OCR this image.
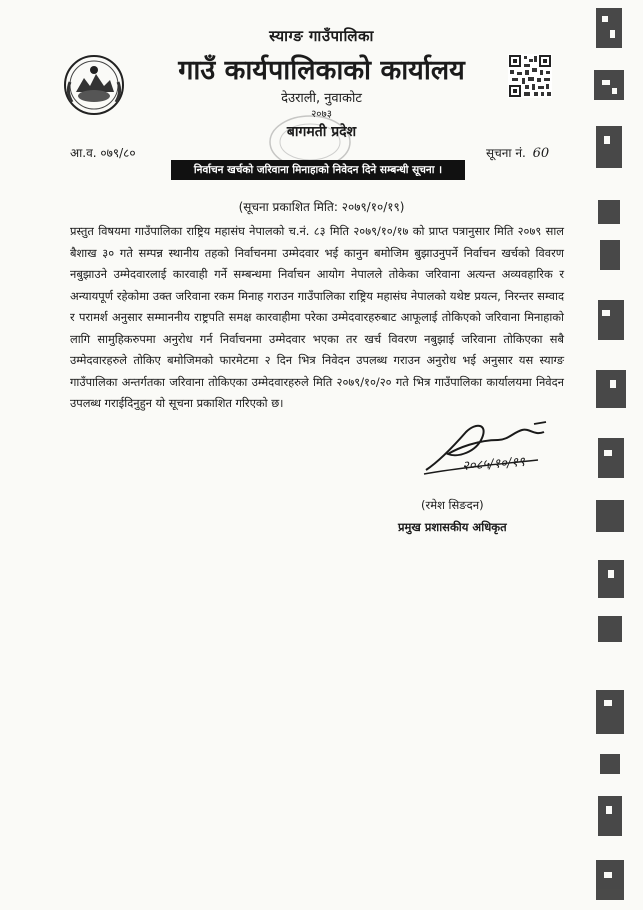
स्याग्ङ गाउँपालिका
गाउँ कार्यपालिकाको कार्यालय
देउराली, नुवाकोट
२०७३
बागमती प्रदेश
आ.व. ०७९/८०	सूचना नं. 60
निर्वाचन खर्चको जरिवाना मिनाहाको निवेदन दिने सम्बन्धी सूचना ।
(सूचना प्रकाशित मिति: २०७९/१०/१९)
प्रस्तुत विषयमा गाउँपालिका राष्ट्रिय महासंघ नेपालको च.नं. ८३ मिति २०७९/१०/१७ को प्राप्त पत्रानुसार मिति २०७९ साल बैशाख ३० गते सम्पन्न स्थानीय तहको निर्वाचनमा उम्मेदवार भई कानुन बमोजिम बुझाउनुपर्ने निर्वाचन खर्चको विवरण नबुझाउने उम्मेदवारलाई कारवाही गर्ने सम्बन्धमा निर्वाचन आयोग नेपालले तोकेका जरिवाना अत्यन्त अव्यवहारिक र अन्यायपूर्ण रहेकोमा उक्त जरिवाना रकम मिनाह गराउन गाउँपालिका राष्ट्रिय महासंघ नेपालको यथेष्ट प्रयत्न, निरन्तर सम्वाद र परामर्श अनुसार सम्माननीय राष्ट्रपति समक्ष कारवाहीमा परेका उम्मेदवारहरुबाट आफूलाई तोकिएको जरिवाना मिनाहाको लागि सामुहिकरुपमा अनुरोध गर्न निर्वाचनमा उम्मेदवार भएका तर खर्च विवरण नबुझाई जरिवाना तोकिएका सबै उम्मेदवारहरुले तोकिए बमोजिमको फारमेटमा २ दिन भित्र निवेदन उपलब्ध गराउन अनुरोध भई अनुसार यस स्याग्ङ गाउँपालिका अन्तर्गतका जरिवाना तोकिएका उम्मेदवारहरुले मिति २०७९/१०/२० गते भित्र गाउँपालिका कार्यालयमा निवेदन उपलब्ध गराईदिनुहुन यो सूचना प्रकाशित गरिएको छ।
२०८५/१०/१९
(रमेश सिङदन)
प्रमुख प्रशासकीय अधिकृत
